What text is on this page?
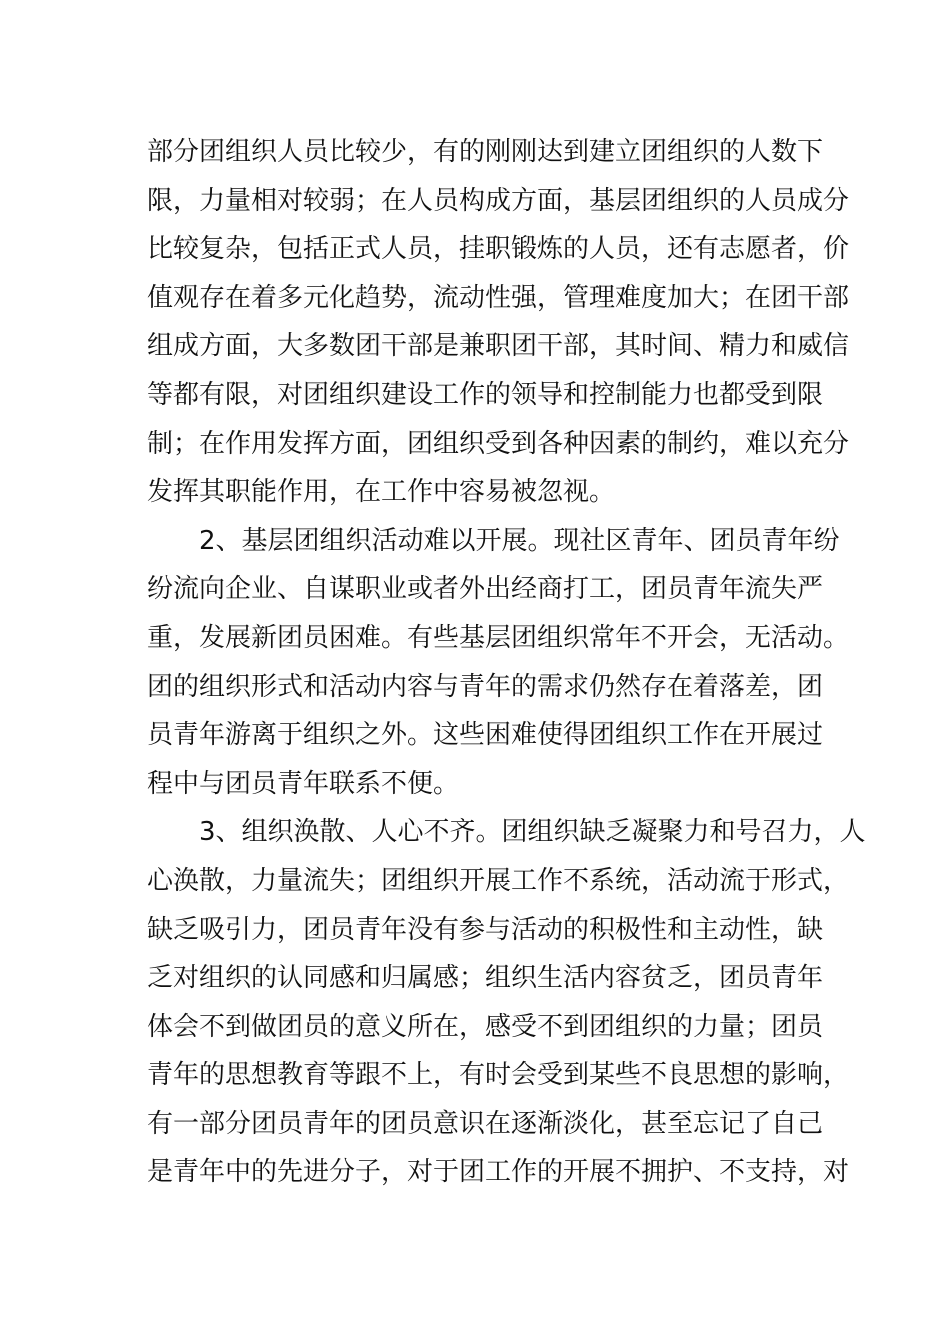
部分团组织人员比较少，有的刚刚达到建立团组织的人数下
限，力量相对较弱；在人员构成方面，基层团组织的人员成分
比较复杂，包括正式人员，挂职锻炼的人员，还有志愿者，价
值观存在着多元化趋势，流动性强，管理难度加大；在团干部
组成方面，大多数团干部是兼职团干部，其时间、精力和威信
等都有限，对团组织建设工作的领导和控制能力也都受到限
制；在作用发挥方面，团组织受到各种因素的制约，难以充分
发挥其职能作用，在工作中容易被忽视。
2、基层团组织活动难以开展。现社区青年、团员青年纷
纷流向企业、自谋职业或者外出经商打工，团员青年流失严
重，发展新团员困难。有些基层团组织常年不开会，无活动。
团的组织形式和活动内容与青年的需求仍然存在着落差，团
员青年游离于组织之外。这些困难使得团组织工作在开展过
程中与团员青年联系不便。
3、组织涣散、人心不齐。团组织缺乏凝聚力和号召力，人
心涣散，力量流失；团组织开展工作不系统，活动流于形式，
缺乏吸引力，团员青年没有参与活动的积极性和主动性，缺
乏对组织的认同感和归属感；组织生活内容贫乏，团员青年
体会不到做团员的意义所在，感受不到团组织的力量；团员
青年的思想教育等跟不上，有时会受到某些不良思想的影响，
有一部分团员青年的团员意识在逐渐淡化，甚至忘记了自己
是青年中的先进分子，对于团工作的开展不拥护、不支持，对
